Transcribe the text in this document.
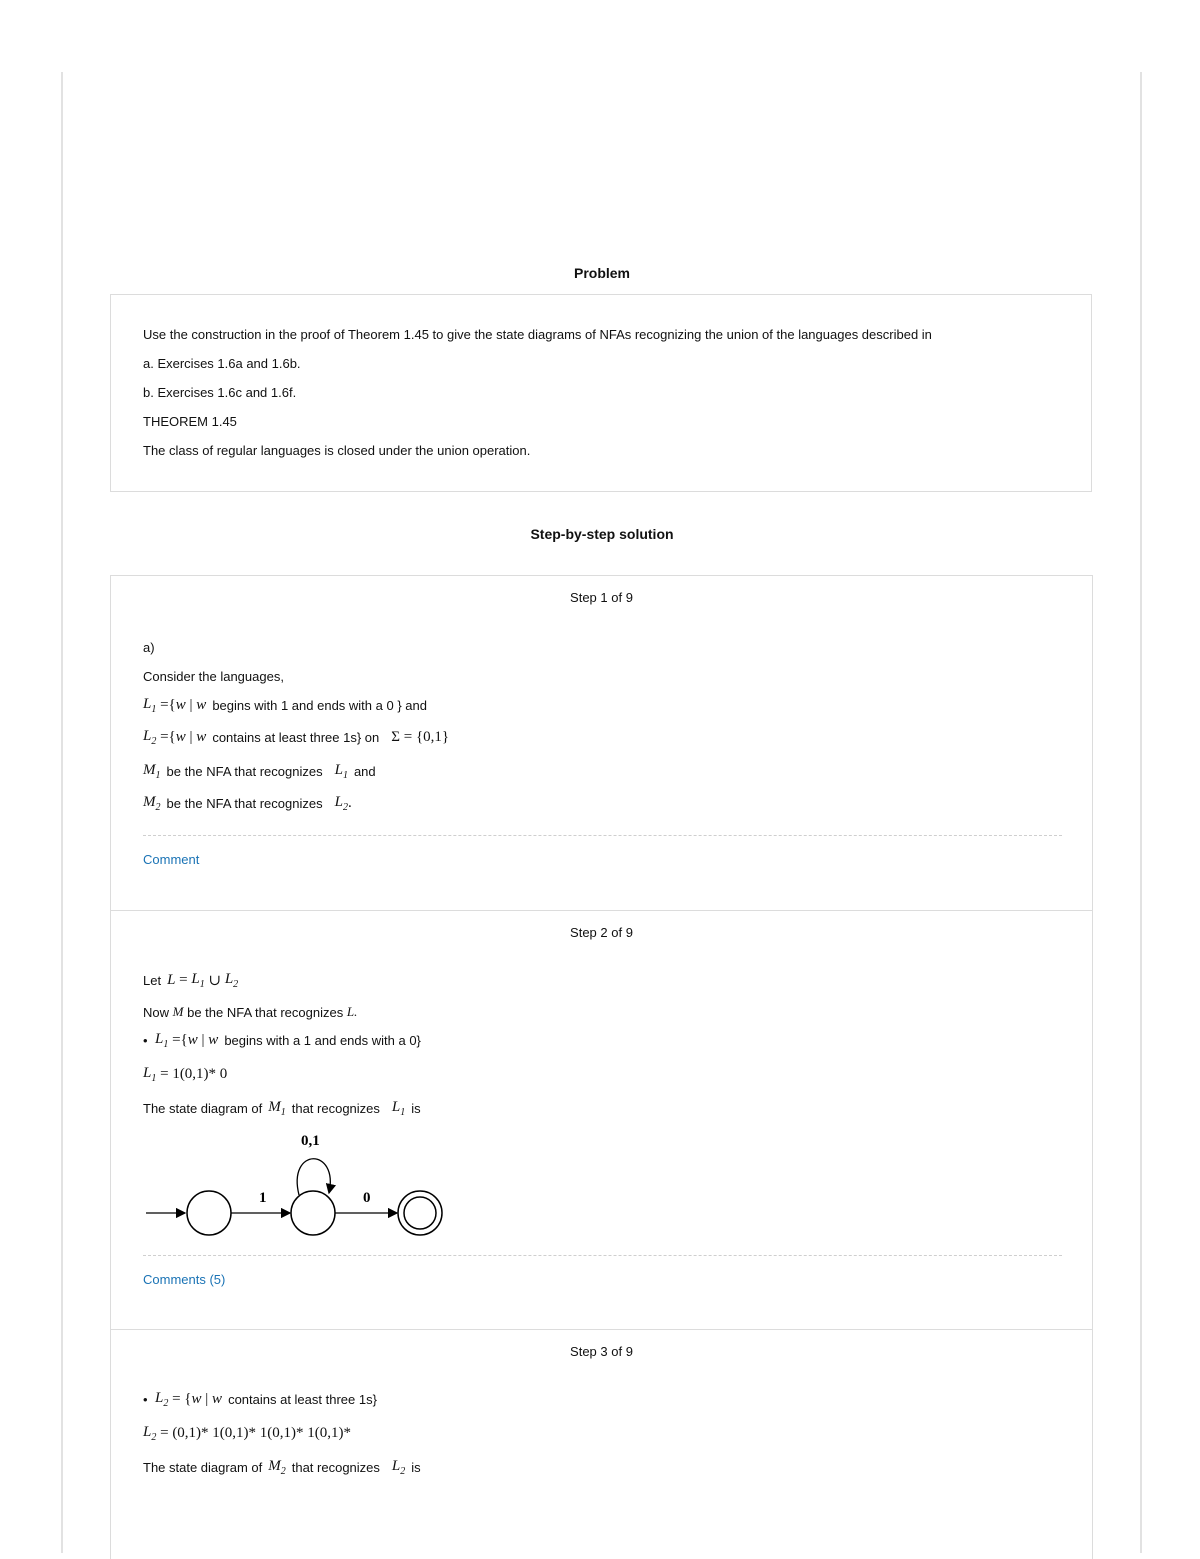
Problem
Use the construction in the proof of Theorem 1.45 to give the state diagrams of NFAs recognizing the union of the languages described in
a. Exercises 1.6a and 1.6b.
b. Exercises 1.6c and 1.6f.
THEOREM 1.45
The class of regular languages is closed under the union operation.
Step-by-step solution
Step 1 of 9
a)
Consider the languages,
$L_1$ ={ w | w begins with 1 and ends with a 0 } and
$L_2$ ={ w | w contains at least three 1s} on Σ = {0,1}
$M_1$ be the NFA that recognizes $L_1$ and
$M_2$ be the NFA that recognizes $L_2$ .
Comment
Step 2 of 9
Let $L = L_1$ ∪ $L_2$
Now
M
be the NFA that recognizes
L.
• $L_1$ ={ w | w begins with a 1 and ends with a 0}
$L_1 = 1(0,1)*$ 0
The state diagram of $M_1$ that recognizes $L_1$ is
1
0,1
0
Comments (5)
Step 3 of 9
• $L_2$ = { w | w contains at least three 1s}
$L_2 = (0,1)*$ 1(0,1)* 1(0,1)* 1(0,1)*
The state diagram of $M_2$ that recognizes $L_2$ is
